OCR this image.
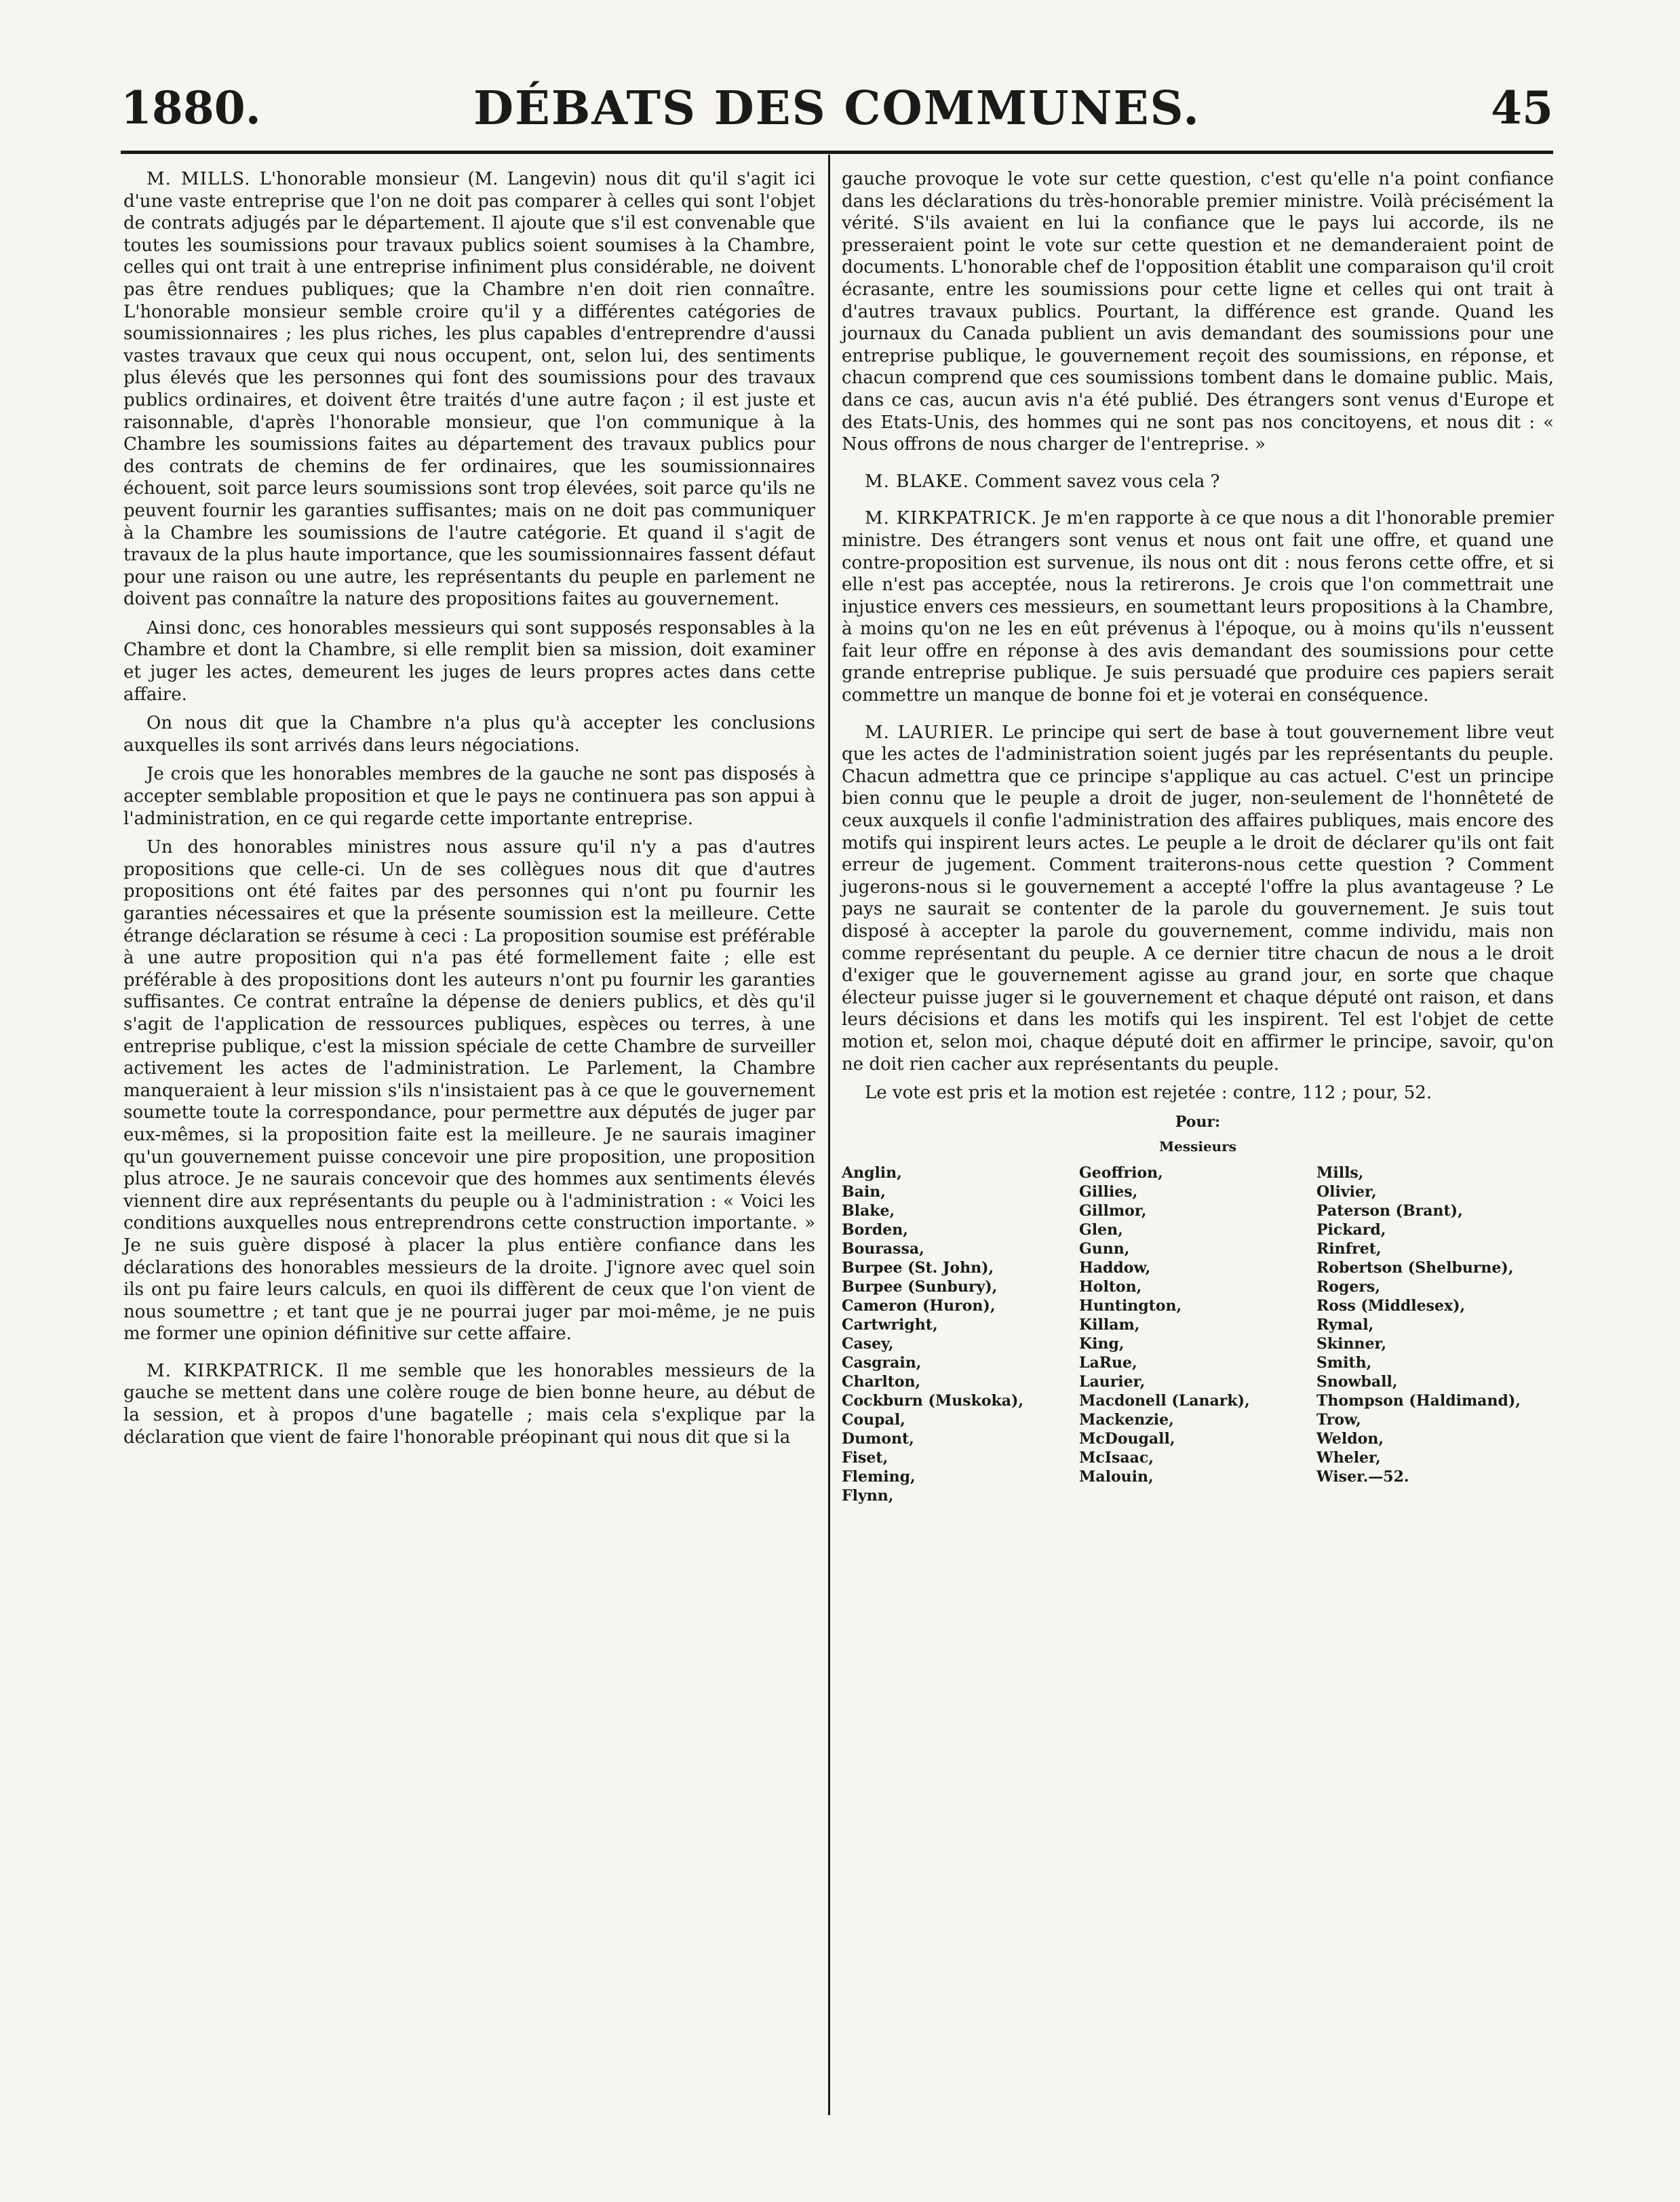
1880.	DÉBATS DES COMMUNES.	45

M. MILLS. L'honorable monsieur (M. Langevin) nous dit qu'il s'agit ici d'une vaste entreprise que l'on ne doit pas comparer à celles qui sont l'objet de contrats adjugés par le département. Il ajoute que s'il est convenable que toutes les soumissions pour travaux publics soient soumises à la Chambre, celles qui ont trait à une entreprise infiniment plus considérable, ne doivent pas être rendues publiques; que la Chambre n'en doit rien connaître. L'honorable monsieur semble croire qu'il y a différentes catégories de soumissionnaires ; les plus riches, les plus capables d'entreprendre d'aussi vastes travaux que ceux qui nous occupent, ont, selon lui, des sentiments plus élevés que les personnes qui font des soumissions pour des travaux publics ordinaires, et doivent être traités d'une autre façon ; il est juste et raisonnable, d'après l'honorable monsieur, que l'on communique à la Chambre les soumissions faites au département des travaux publics pour des contrats de chemins de fer ordinaires, que les soumissionnaires échouent, soit parce leurs soumissions sont trop élevées, soit parce qu'ils ne peuvent fournir les garanties suffisantes; mais on ne doit pas communiquer à la Chambre les soumissions de l'autre catégorie. Et quand il s'agit de travaux de la plus haute importance, que les soumissionnaires fassent défaut pour une raison ou une autre, les représentants du peuple en parlement ne doivent pas connaître la nature des propositions faites au gouvernement.

Ainsi donc, ces honorables messieurs qui sont supposés responsables à la Chambre et dont la Chambre, si elle remplit bien sa mission, doit examiner et juger les actes, demeurent les juges de leurs propres actes dans cette affaire.

On nous dit que la Chambre n'a plus qu'à accepter les conclusions auxquelles ils sont arrivés dans leurs négociations.

Je crois que les honorables membres de la gauche ne sont pas disposés à accepter semblable proposition et que le pays ne continuera pas son appui à l'administration, en ce qui regarde cette importante entreprise.

Un des honorables ministres nous assure qu'il n'y a pas d'autres propositions que celle-ci. Un de ses collègues nous dit que d'autres propositions ont été faites par des personnes qui n'ont pu fournir les garanties nécessaires et que la présente soumission est la meilleure. Cette étrange déclaration se résume à ceci : La proposition soumise est préférable à une autre proposition qui n'a pas été formellement faite ; elle est préférable à des propositions dont les auteurs n'ont pu fournir les garanties suffisantes. Ce contrat entraîne la dépense de deniers publics, et dès qu'il s'agit de l'application de ressources publiques, espèces ou terres, à une entreprise publique, c'est la mission spéciale de cette Chambre de surveiller activement les actes de l'administration. Le Parlement, la Chambre manqueraient à leur mission s'ils n'insistaient pas à ce que le gouvernement soumette toute la correspondance, pour permettre aux députés de juger par eux-mêmes, si la proposition faite est la meilleure. Je ne saurais imaginer qu'un gouvernement puisse concevoir une pire proposition, une proposition plus atroce. Je ne saurais concevoir que des hommes aux sentiments élevés viennent dire aux représentants du peuple ou à l'administration : « Voici les conditions auxquelles nous entreprendrons cette construction importante. » Je ne suis guère disposé à placer la plus entière confiance dans les déclarations des honorables messieurs de la droite. J'ignore avec quel soin ils ont pu faire leurs calculs, en quoi ils diffèrent de ceux que l'on vient de nous soumettre ; et tant que je ne pourrai juger par moi-même, je ne puis me former une opinion définitive sur cette affaire.

M. KIRKPATRICK. Il me semble que les honorables messieurs de la gauche se mettent dans une colère rouge de bien bonne heure, au début de la session, et à propos d'une bagatelle ; mais cela s'explique par la déclaration que vient de faire l'honorable préopinant qui nous dit que si la

gauche provoque le vote sur cette question, c'est qu'elle n'a point confiance dans les déclarations du très-honorable premier ministre. Voilà précisément la vérité. S'ils avaient en lui la confiance que le pays lui accorde, ils ne presseraient point le vote sur cette question et ne demanderaient point de documents. L'honorable chef de l'opposition établit une comparaison qu'il croit écrasante, entre les soumissions pour cette ligne et celles qui ont trait à d'autres travaux publics. Pourtant, la différence est grande. Quand les journaux du Canada publient un avis demandant des soumissions pour une entreprise publique, le gouvernement reçoit des soumissions, en réponse, et chacun comprend que ces soumissions tombent dans le domaine public. Mais, dans ce cas, aucun avis n'a été publié. Des étrangers sont venus d'Europe et des Etats-Unis, des hommes qui ne sont pas nos concitoyens, et nous dit : « Nous offrons de nous charger de l'entreprise. »

M. BLAKE. Comment savez vous cela ?

M. KIRKPATRICK. Je m'en rapporte à ce que nous a dit l'honorable premier ministre. Des étrangers sont venus et nous ont fait une offre, et quand une contre-proposition est survenue, ils nous ont dit : nous ferons cette offre, et si elle n'est pas acceptée, nous la retirerons. Je crois que l'on commettrait une injustice envers ces messieurs, en soumettant leurs propositions à la Chambre, à moins qu'on ne les en eût prévenus à l'époque, ou à moins qu'ils n'eussent fait leur offre en réponse à des avis demandant des soumissions pour cette grande entreprise publique. Je suis persuadé que produire ces papiers serait commettre un manque de bonne foi et je voterai en conséquence.

M. LAURIER. Le principe qui sert de base à tout gouvernement libre veut que les actes de l'administration soient jugés par les représentants du peuple. Chacun admettra que ce principe s'applique au cas actuel. C'est un principe bien connu que le peuple a droit de juger, non-seulement de l'honnêteté de ceux auxquels il confie l'administration des affaires publiques, mais encore des motifs qui inspirent leurs actes. Le peuple a le droit de déclarer qu'ils ont fait erreur de jugement. Comment traiterons-nous cette question ? Comment jugerons-nous si le gouvernement a accepté l'offre la plus avantageuse ? Le pays ne saurait se contenter de la parole du gouvernement. Je suis tout disposé à accepter la parole du gouvernement, comme individu, mais non comme représentant du peuple. A ce dernier titre chacun de nous a le droit d'exiger que le gouvernement agisse au grand jour, en sorte que chaque électeur puisse juger si le gouvernement et chaque député ont raison, et dans leurs décisions et dans les motifs qui les inspirent. Tel est l'objet de cette motion et, selon moi, chaque député doit en affirmer le principe, savoir, qu'on ne doit rien cacher aux représentants du peuple.

Le vote est pris et la motion est rejetée : contre, 112 ; pour, 52.

Pour:
Messieurs
Anglin,
Bain,
Blake,
Borden,
Bourassa,
Burpee (St. John),
Burpee (Sunbury),
Cameron (Huron),
Cartwright,
Casey,
Casgrain,
Charlton,
Cockburn (Muskoka),
Coupal,
Dumont,
Fiset,
Fleming,
Flynn,
Geoffrion,
Gillies,
Gillmor,
Glen,
Gunn,
Haddow,
Holton,
Huntington,
Killam,
King,
LaRue,
Laurier,
Macdonell (Lanark),
Mackenzie,
McDougall,
McIsaac,
Malouin,
Mills,
Olivier,
Paterson (Brant),
Pickard,
Rinfret,
Robertson (Shelburne),
Rogers,
Ross (Middlesex),
Rymal,
Skinner,
Smith,
Snowball,
Thompson (Haldimand),
Trow,
Weldon,
Wheler,
Wiser.—52.
